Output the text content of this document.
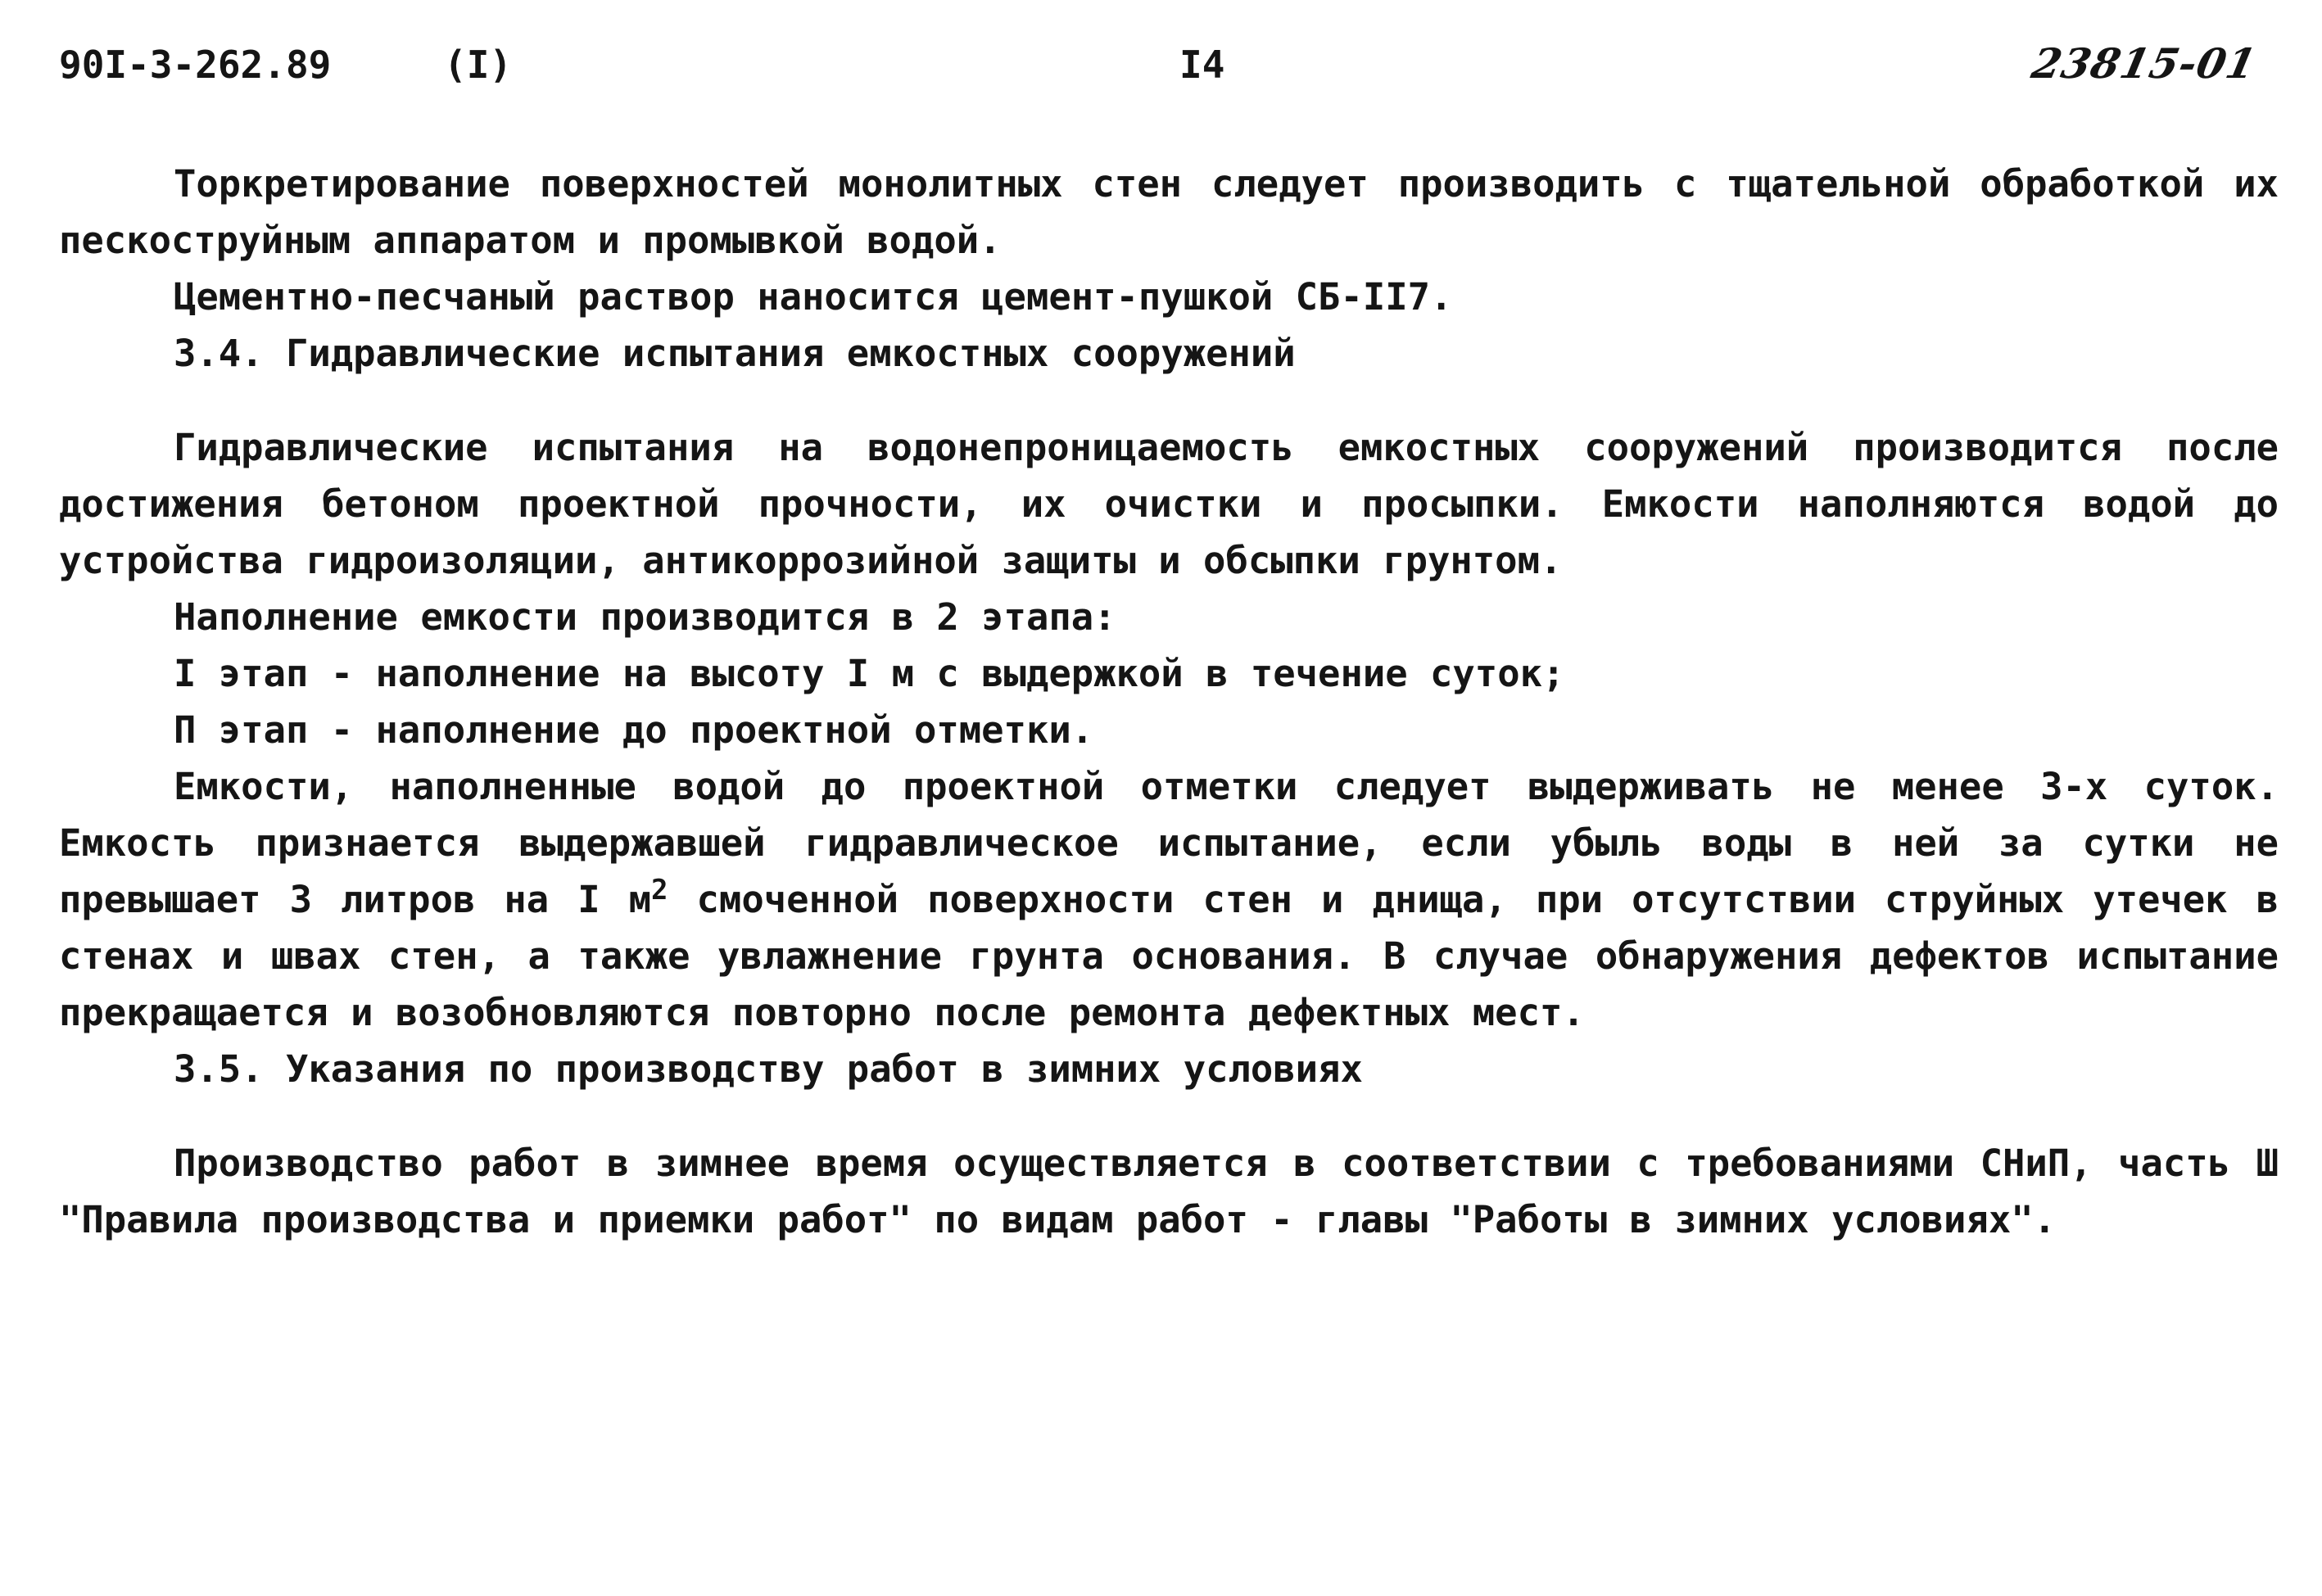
90I-3-262.89	(I)	I4	23815-01

Торкретирование поверхностей монолитных стен следует производить с тщательной обработкой их пескоструйным аппаратом и промывкой водой.

Цементно-песчаный раствор наносится цемент-пушкой СБ-II7.

3.4. Гидравлические испытания емкостных сооружений

Гидравлические испытания на водонепроницаемость емкостных сооружений производится после достижения бетоном проектной прочности, их очистки и просыпки. Емкости наполняются водой до устройства гидроизоляции, антикоррозийной защиты и обсыпки грунтом.

Наполнение емкости производится в 2 этапа:

I этап - наполнение на высоту I м с выдержкой в течение суток;

П этап - наполнение до проектной отметки.

Емкости, наполненные водой до проектной отметки следует выдерживать не менее 3-х суток. Емкость признается выдержавшей гидравлическое испытание, если убыль воды в ней за сутки не превышает 3 литров на I $м^2$ смоченной поверхности стен и днища, при отсутствии струйных утечек в стенах и швах стен, а также увлажнение грунта основания. В случае обнаружения дефектов испытание прекращается и возобновляются повторно после ремонта дефектных мест.

3.5. Указания по производству работ в зимних условиях

Производство работ в зимнее время осуществляется в соответствии с требованиями СНиП, часть Ш "Правила производства и приемки работ" по видам работ - главы "Работы в зимних условиях".
